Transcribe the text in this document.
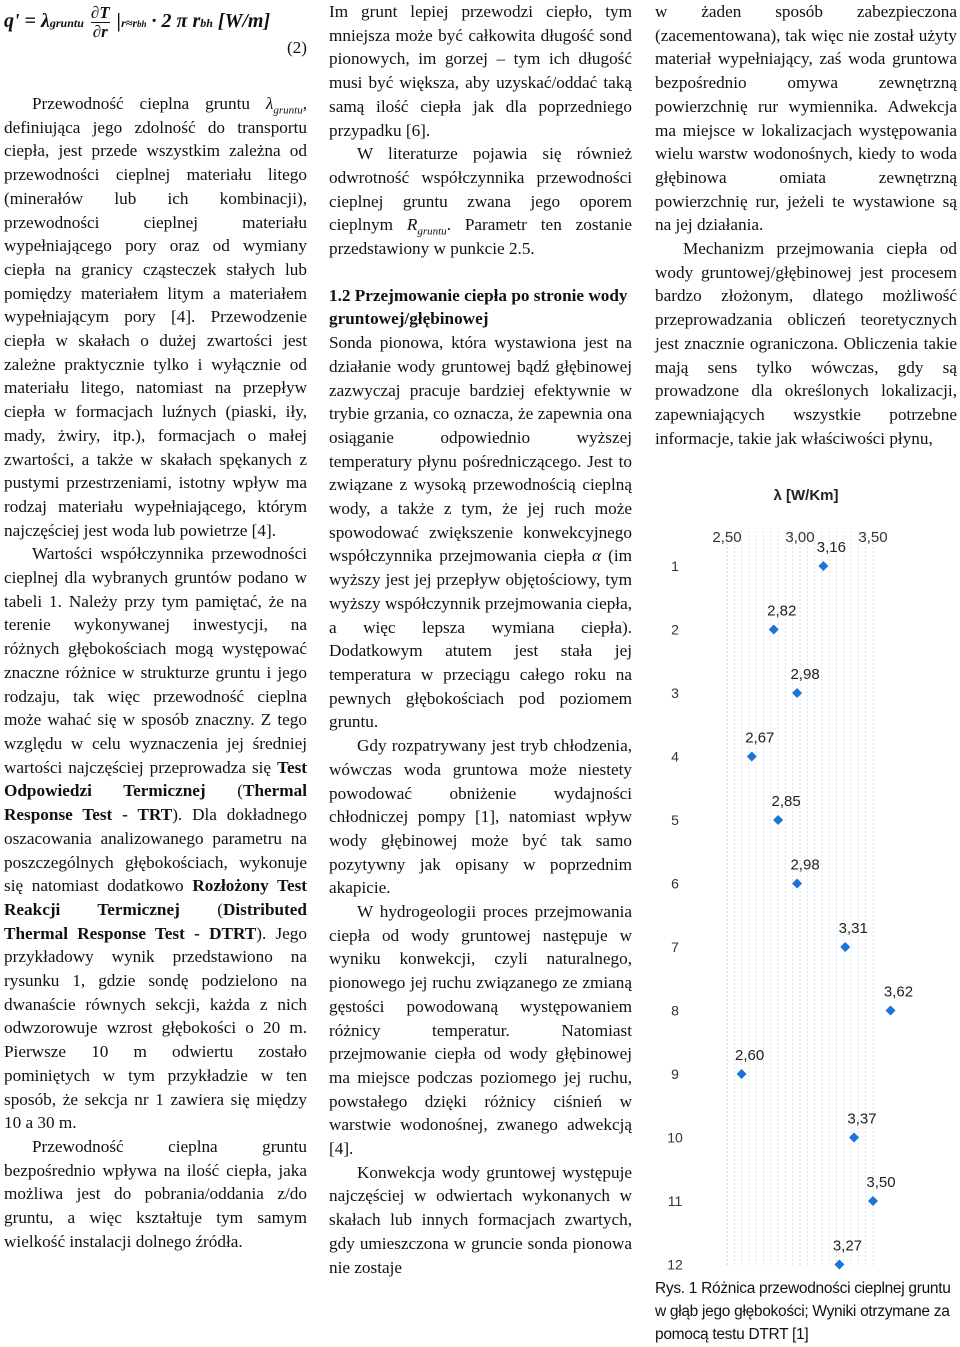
q' = λgruntu $\frac{\partial T}{\partial r} |r\approx rbh \cdot 2$ π rbh [W/m]
(2)

Przewodność cieplna gruntu $\lambda_{gruntu}$, definiująca jego zdolność do transportu ciepła, jest przede wszystkim zależna od przewodności cieplnej materiału litego (minerałów lub ich kombinacji), przewodności cieplnej materiału wypełniającego pory oraz od wymiany ciepła na granicy cząsteczek stałych lub pomiędzy materiałem litym a materiałem wypełniającym pory [4]. Przewodzenie ciepła w skałach o dużej zwartości jest zależne praktycznie tylko i wyłącznie od materiału litego, natomiast na przepływ ciepła w formacjach luźnych (piaski, iły, mady, żwiry, itp.), formacjach o małej zwartości, a także w skałach spękanych z pustymi przestrzeniami, istotny wpływ ma rodzaj materiału wypełniającego, którym najczęściej jest woda lub powietrze [4].

Wartości współczynnika przewodności cieplnej dla wybranych gruntów podano w tabeli 1. Należy przy tym pamiętać, że na terenie wykonywanej inwestycji, na różnych głębokościach mogą występować znaczne różnice w strukturze gruntu i jego rodzaju, tak więc przewodność cieplna może wahać się w sposób znaczny. Z tego względu w celu wyznaczenia jej średniej wartości najczęściej przeprowadza się Test Odpowiedzi Termicznej (Thermal Response Test - TRT). Dla dokładnego oszacowania analizowanego parametru na poszczególnych głębokościach, wykonuje się natomiast dodatkowo Rozłożony Test Reakcji Termicznej (Distributed Thermal Response Test - DTRT). Jego przykładowy wynik przedstawiono na rysunku 1, gdzie sondę podzielono na dwanaście równych sekcji, każda z nich odwzorowuje wzrost głębokości o 20 m. Pierwsze 10 m odwiertu zostało pominiętych w tym przykładzie w ten sposób, że sekcja nr 1 zawiera się między 10 a 30 m.

Przewodność cieplna gruntu bezpośrednio wpływa na ilość ciepła, jaka możliwa jest do pobrania/oddania z/do gruntu, a więc kształtuje tym samym wielkość instalacji dolnego źródła.

Im grunt lepiej przewodzi ciepło, tym mniejsza może być całkowita długość sond pionowych, im gorzej – tym ich długość musi być większa, aby uzyskać/oddać taką samą ilość ciepła jak dla poprzedniego przypadku [6].

W literaturze pojawia się również odwrotność współczynnika przewodności cieplnej gruntu zwana jego oporem cieplnym $R_{gruntu}$. Parametr ten zostanie przedstawiony w punkcie 2.5.

1.2 Przejmowanie ciepła po stronie wody gruntowej/głębinowej

Sonda pionowa, która wystawiona jest na działanie wody gruntowej bądź głębinowej zazwyczaj pracuje bardziej efektywnie w trybie grzania, co oznacza, że zapewnia ona osiąganie odpowiednio wyższej temperatury płynu pośredniczącego. Jest to związane z wysoką przewodnością cieplną wody, a także z tym, że jej ruch może spowodować zwiększenie konwekcyjnego współczynnika przejmowania ciepła α (im wyższy jest jej przepływ objętościowy, tym wyższy współczynnik przejmowania ciepła, a więc lepsza wymiana ciepła). Dodatkowym atutem jest stała jej temperatura w przeciągu całego roku na pewnych głębokościach pod poziomem gruntu.

Gdy rozpatrywany jest tryb chłodzenia, wówczas woda gruntowa może niestety powodować obniżenie wydajności chłodniczej pompy [1], natomiast wpływ wody głębinowej może być tak samo pozytywny jak opisany w poprzednim akapicie.

W hydrogeologii proces przejmowania ciepła od wody gruntowej następuje w wyniku konwekcji, czyli naturalnego, pionowego jej ruchu związanego ze zmianą gęstości powodowaną występowaniem różnicy temperatur. Natomiast przejmowanie ciepła od wody głębinowej ma miejsce podczas poziomego jej ruchu, powstałego dzięki różnicy ciśnień w warstwie wodonośnej, zwanego adwekcją [4].

Konwekcja wody gruntowej występuje najczęściej w odwiertach wykonanych w skałach lub innych formacjach zwartych, gdy umieszczona w gruncie sonda pionowa nie zostaje

w żaden sposób zabezpieczona (zacementowana), tak więc nie został użyty materiał wypełniający, zaś woda gruntowa bezpośrednio omywa zewnętrzną powierzchnię rur wymiennika. Adwekcja ma miejsce w lokalizacjach występowania wielu warstw wodonośnych, kiedy to woda głębinowa omiata zewnętrzną powierzchnię rur, jeżeli te wystawione są na jej działania.

Mechanizm przejmowania ciepła od wody gruntowej/głębinowej jest procesem bardzo złożonym, dlatego możliwość przeprowadzania obliczeń teoretycznych jest znacznie ograniczona. Obliczenia takie mają sens tylko wówczas, gdy są prowadzone dla określonych lokalizacji, zapewniających wszystkie potrzebne informacje, takie jak właściwości płynu,

λ [W/Km]
2,50	3,00	3,50
1
3,16
2
2,82
3
2,98
4
2,67
5
2,85
6
2,98
7
3,31
8
3,62
9
2,60
10
3,37
11
3,50
12
3,27
Rys. 1 Różnica przewodności cieplnej gruntu w głąb jego głębokości; Wyniki otrzymane za pomocą testu DTRT [1]
